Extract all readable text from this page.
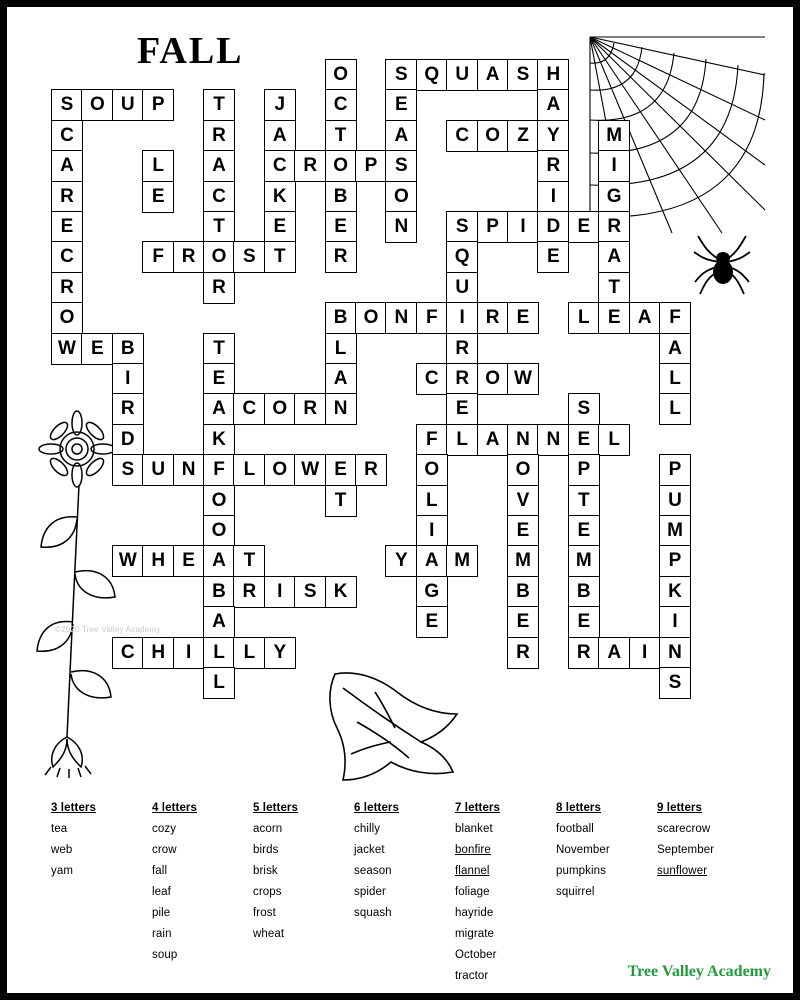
FALL
©2020 Tree Valley Academy
O	S Q U A S H
S O U P	T	J	C	E	A
C	R	A	T	A	C O Z Y	M
A	L	A	C R O P S	R	I
R	E	C	K	B	O	I	G
E	T	E	E	N	S P	I	D E R
C	F R O S T	R	Q	E	A
R	R	U	T
O	B O N F	I	R E	L E A F
W E B	T	L	R	A
I	E	A	C R O W	L
R	A C O R N	E	S	L
D	K	F L A N N E L
S U N F L O W E R	O	O	P	P
O	T	L	V	T	U
O	I	E	E	M
W H E A T	Y A M	M	M	P
B R	I	S K	G	B	B	K
A	E	E	E	I
C H	I	L L Y	R	R A	I	N
L	S
3 letters
tea
web
yam
4 letters
cozy
crow
fall
leaf
pile
rain
soup
5 letters
acorn
birds
brisk
crops
frost
wheat
6 letters
chilly
jacket
season
spider
squash
7 letters
blanket
bonfire
flannel
foliage
hayride
migrate
October
tractor
8 letters
football
November
pumpkins
squirrel
9 letters
scarecrow
September
sunflower
Tree Valley Academy
